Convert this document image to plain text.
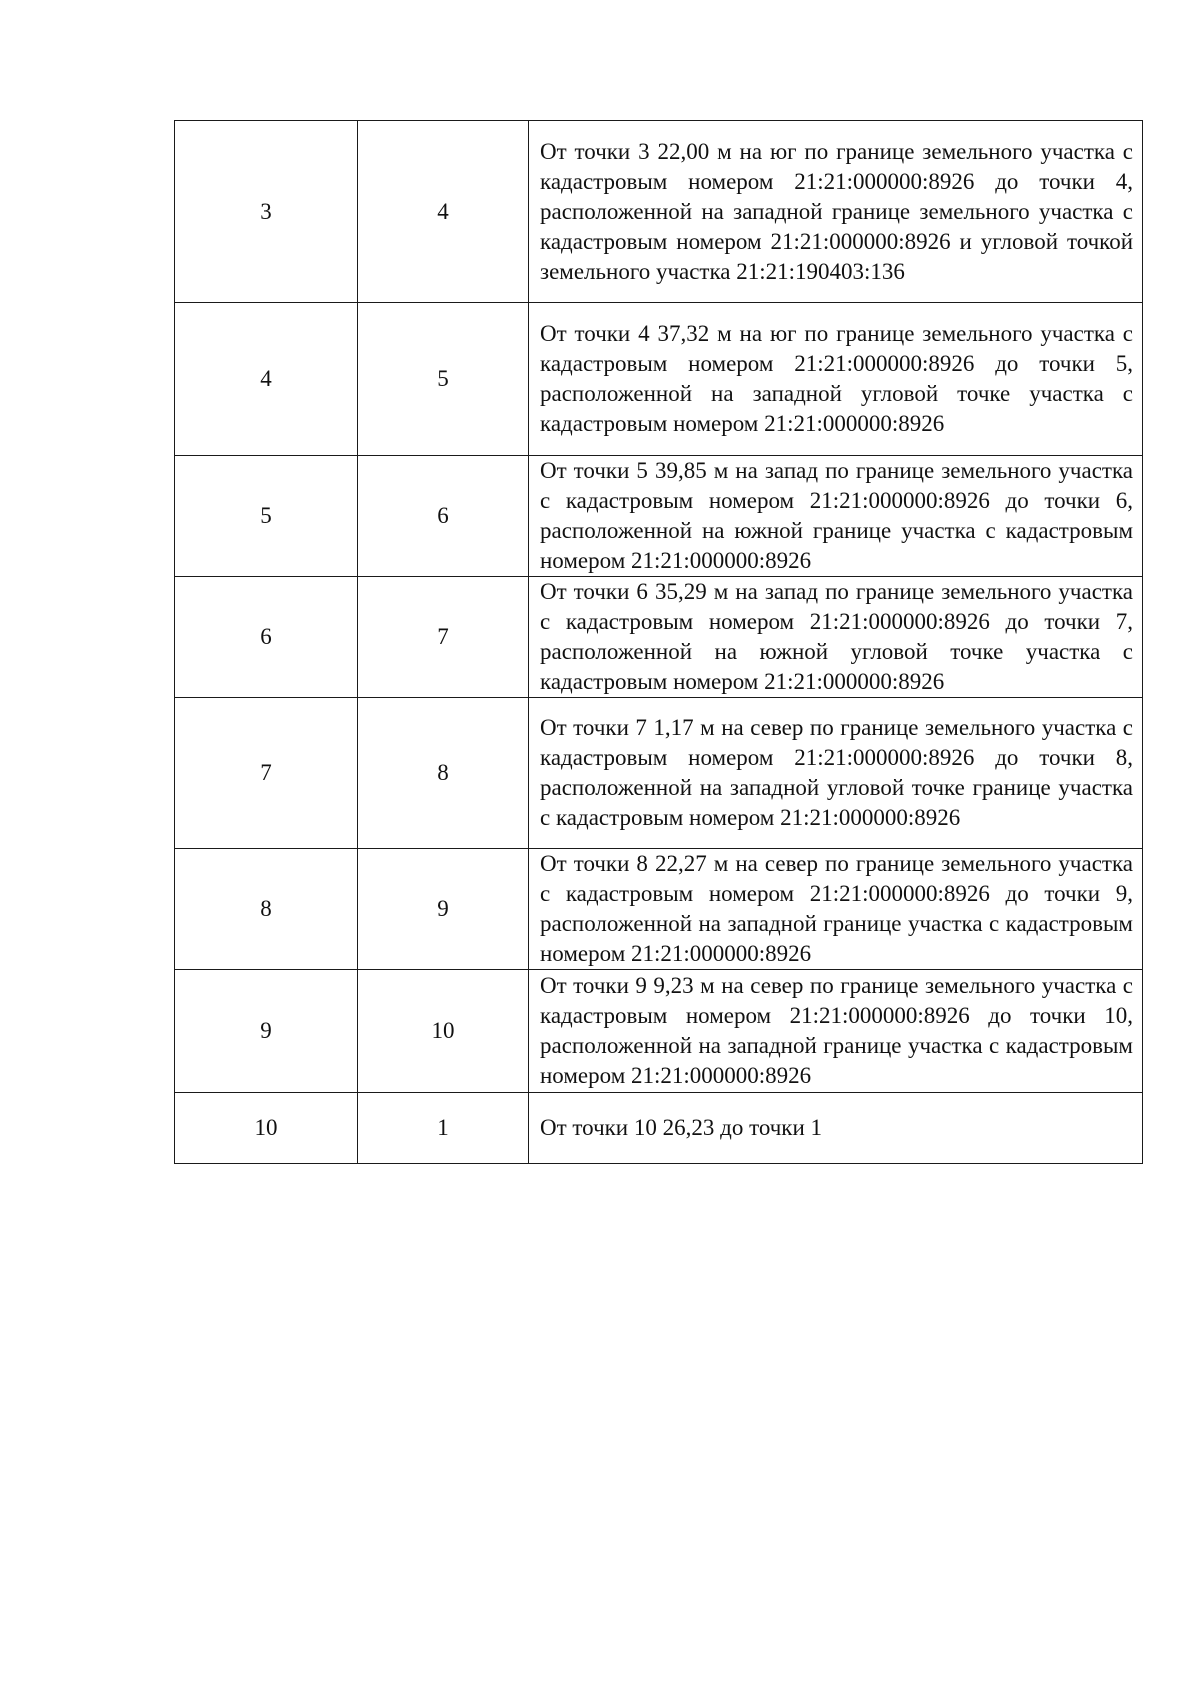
3	4	От точки 3 22,00 м на юг по границе земельного участка с кадастровым номером 21:21:000000:8926 до точки 4, расположенной на западной границе земельного участка с кадастровым номером 21:21:000000:8926 и угловой точкой земельного участка 21:21:190403:136
4	5	От точки 4 37,32 м на юг по границе земельного участка с кадастровым номером 21:21:000000:8926 до точки 5, расположенной на западной угловой точке участка с кадастровым номером 21:21:000000:8926
5	6	От точки 5 39,85 м на запад по границе земельного участка с кадастровым номером 21:21:000000:8926 до точки 6, расположенной на южной границе участка с кадастровым номером 21:21:000000:8926
6	7	От точки 6 35,29 м на запад по границе земельного участка с кадастровым номером 21:21:000000:8926 до точки 7, расположенной на южной угловой точке участка с кадастровым номером 21:21:000000:8926
7	8	От точки 7 1,17 м на север по границе земельного участка с кадастровым номером 21:21:000000:8926 до точки 8, расположенной на западной угловой точке границе участка с кадастровым номером 21:21:000000:8926
8	9	От точки 8 22,27 м на север по границе земельного участка с кадастровым номером 21:21:000000:8926 до точки 9, расположенной на западной границе участка с кадастровым номером 21:21:000000:8926
9	10	От точки 9 9,23 м на север по границе земельного участка с кадастровым номером 21:21:000000:8926 до точки 10, расположенной на западной границе участка с кадастровым номером 21:21:000000:8926
10	1	От точки 10 26,23 до точки 1
